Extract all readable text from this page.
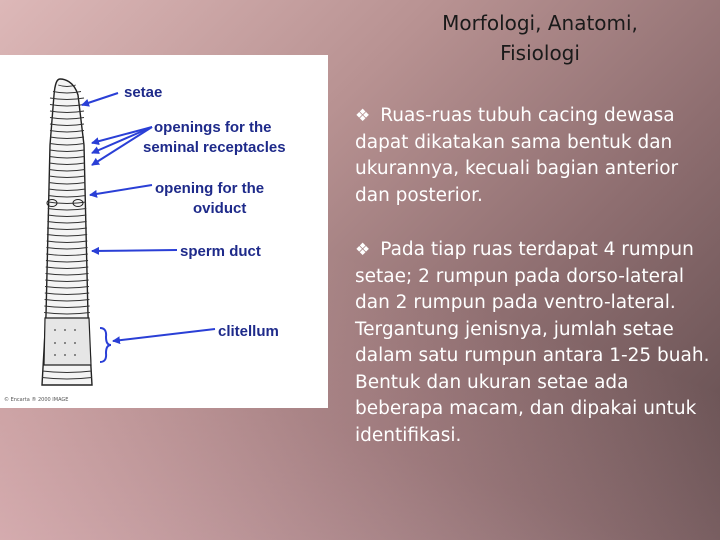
Morfologi, Anatomi,
Fisiologi
setae
openings for the
seminal receptacles
opening for the
oviduct
sperm duct
clitellum
© Encarta ® 2000 IMAGE
❖ Ruas-ruas tubuh cacing dewasa dapat dikatakan sama bentuk dan ukurannya, kecuali bagian anterior dan posterior.
❖ Pada tiap ruas terdapat 4 rumpun setae; 2 rumpun pada dorso-lateral dan 2 rumpun pada ventro-lateral. Tergantung jenisnya, jumlah setae dalam satu rumpun antara 1-25 buah. Bentuk dan ukuran setae ada beberapa macam, dan dipakai untuk identifikasi.
